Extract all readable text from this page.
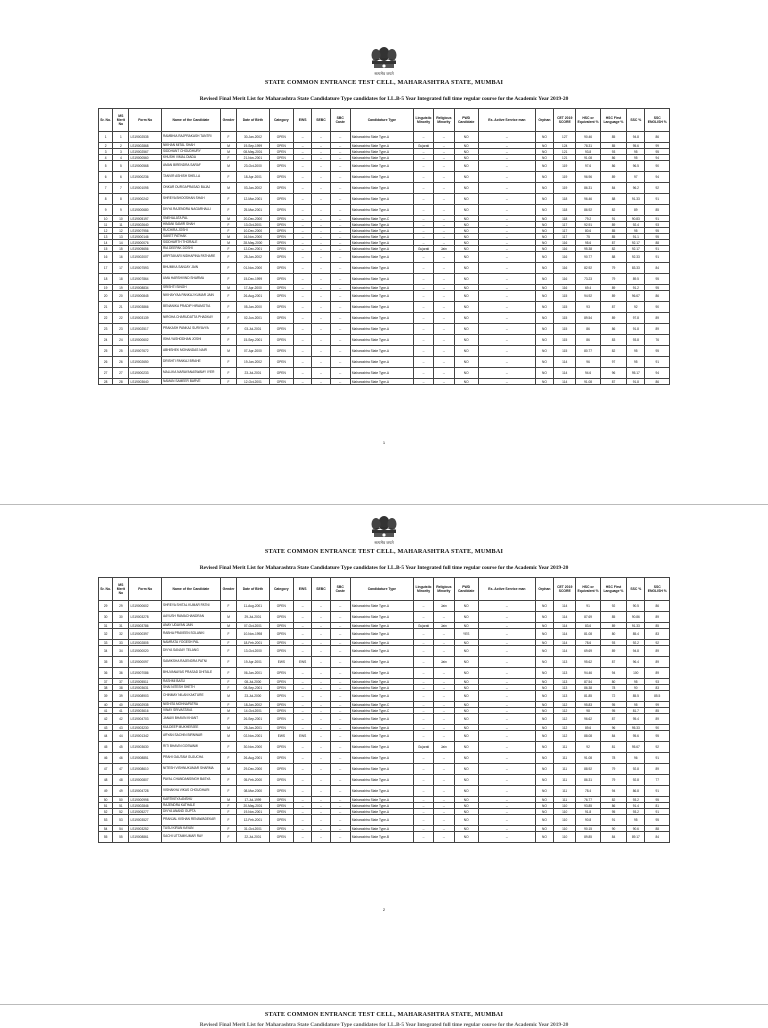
सत्यमेव जयते
STATE COMMON ENTRANCE TEST CELL, MAHARASHTRA STATE, MUMBAI
Revised Final Merit List for Maharashtra State Candidature Type candidates for LL.B-5 Year Integrated full time regular course for the Academic Year 2019-20
Sr. No.	MS Merit No	Form No	Name of the Candidate	Gender	Date of Birth	Category	EWS	SEBC	SBC Caste	Candidature Type	Linguistic Minority	Religious Minority	PWD Candidate	Ex- Active Service man	Orphan	CET 2019 SCORE	HSC or Equivalent %	HSC First Language %	SSC %	SSC ENGLISH %
1	1	LS19002535	RAMBHIA RAJPRAKASH TANTRI	F	30-Jan-2002	OPEN	--	--	--	Maharashtra State Type-A	--	--	NO	--	NO	127	90.46	85	94.8	86
2	2	LS19002868	NIKHAN MITAL SHAH	M	19-Sep-1999	OPEN	--	--	--	Maharashtra State Type-A	Gujarati	--	NO	--	NO	124	78.31	85	95.6	99
3	3	LS19002567	SIDDHANT CHOUDHURY	M	08-May-2001	OPEN	--	--	--	Maharashtra State Type-A	--	--	NO	--	NO	121	93.8	93	95	95
4	4	LS19000560	KHUSHI VIMAL DIADA	F	21-Nov-2001	OPEN	--	--	--	Maharashtra State Type-A	--	--	NO	--	NO	121	91.08	86	95	94
5	5	LS19000568	AMAN BIRENDRA SARAF	M	23-Oct-2000	OPEN	--	--	--	Maharashtra State Type-A	--	--	NO	--	NO	119	97.6	86	96.5	90
6	6	LS19000236	TANVIR ASHISH SHELLA	F	18-Apr-2001	OPEN	--	--	--	Maharashtra State Type-A	--	--	NO	--	NO	119	96.96	89	97	94
7	7	LS19001095	ONKAR DURGAPRASAD BAJAJ	M	03-Jan-2002	OPEN	--	--	--	Maharashtra State Type-A	--	--	NO	--	NO	119	86.31	84	96.2	92
8	8	LS19000242	SHREYA BHOOSHAN SHAH	F	12-Mar-2001	OPEN	--	--	--	Maharashtra State Type-A	--	--	NO	--	NO	118	96.46	88	91.33	91
9	9	LS19000680	DIVYA RAJENDRA NAGARHALLI	F	25-Mar-2001	OPEN	--	--	--	Maharashtra State Type-A	--	--	NO	--	NO	118	86.92	82	89	85
10	10	LS19005197	SNEHALATA PAL	M	20-Dec-2000	OPEN	--	--	--	Maharashtra State Type-C	--	--	NO	--	NO	118	79.2	91	90.83	91
11	11	LS19002640	HIMANI SAMIR SHAH	F	13-Oct-2001	OPEN	--	--	--	Maharashtra State Type-A	--	--	NO	--	NO	117	92.91	89	92.4	93
12	12	LS19007956	RUCHIRA JOSHI	F	10-Dec-2000	OPEN	--	--	--	Maharashtra State Type-A	--	--	NO	--	NO	117	80.6	85	95	95
13	13	LS19000146	SAKET PATHAK	M	16-Nov-2000	OPEN	--	--	--	Maharashtra State Type-A	--	--	NO	--	NO	117	75	85	91.1	95
14	14	LS19000076	SIDDHARTH THORALE	M	28-May-2000	OPEN	--	--	--	Maharashtra State Type-A	--	--	NO	--	NO	116	95.6	87	92.17	88
15	15	LS19005656	RIA DEEPAK DOSHI	F	12-Dec-2001	OPEN	--	--	--	Maharashtra State Type-A	Gujarati	Jain	NO	--	NO	116	95.38	82	92.17	91
16	16	LS19002007	ARPITAKARI NIDHAPINA PATHARE	F	25-Jan-2002	OPEN	--	--	--	Maharashtra State Type-A	--	--	NO	--	NO	116	90.77	88	92.33	91
17	17	LS19007593	BHUMIKA SANJAY JAIN	F	01-Nov-2000	OPEN	--	--	--	Maharashtra State Type-A	--	--	NO	--	NO	116	82.92	79	83.33	84
18	18	LS19007864	UMA HARSHVIND SHARMA	F	15-Dec-1999	OPEN	--	--	--	Maharashtra State Type-A	--	--	NO	--	NO	116	73.23	79	89.5	95
19	19	LS19008834	SRISHTI SINGH	M	17-Apr-2000	OPEN	--	--	--	Maharashtra State Type-A	--	--	NO	--	NO	116	69.4	89	91.2	95
20	20	LS19000845	NIKHAYYAA PANKAJ KUMAR JAIN	F	26-Aug-2001	OPEN	--	--	--	Maharashtra State Type-A	--	--	NO	--	NO	115	94.92	89	96.67	86
21	21	LS19003866	BENANIKA PRADIP HIRAMOTIA	F	05-Jan-2000	OPEN	--	--	--	Maharashtra State Type-A	--	--	NO	--	NO	115	93	87	92	90
22	22	LS19003139	NIRGHA CHARUDATTA PHADKAY	F	02-Jun-2001	OPEN	--	--	--	Maharashtra State Type-A	--	--	NO	--	NO	115	89.54	89	97.8	89
23	23	LS19002517	PRAKASH PANKAJ SURYAVYA	F	03-Jul-2001	OPEN	--	--	--	Maharashtra State Type-A	--	--	NO	--	NO	115	86	86	91.8	89
24	24	LS19000602	ISHA YASHODHAN JOSHI	F	15-Sep-2001	OPEN	--	--	--	Maharashtra State Type-A	--	--	NO	--	NO	115	86	83	93.8	76
25	25	LS19007672	ABHISHEK MOHANDAS NAIR	M	07-Apr-2000	OPEN	--	--	--	Maharashtra State Type-A	--	--	NO	--	NO	115	80.77	82	95	95
26	26	LS19002650	DRISHTI PANKAJ BRAHE	F	19-Jan-2002	OPEN	--	--	--	Maharashtra State Type-A	--	--	NO	--	NO	114	96	97	95	91
27	27	LS19000233	MALLIKA NARAYANASWAMY IYER	F	23-Jul-2001	OPEN	--	--	--	Maharashtra State Type-A	--	--	NO	--	NO	114	94.6	96	95.17	94
28	28	LS19003640	NAMAN SAMEER BARVE	F	12-Oct-2001	OPEN	--	--	--	Maharashtra State Type-A	--	--	NO	--	NO	114	91.08	87	91.8	86
1
सत्यमेव जयते
STATE COMMON ENTRANCE TEST CELL, MAHARASHTRA STATE, MUMBAI
Revised Final Merit List for Maharashtra State Candidature Type candidates for LL.B-5 Year Integrated full time regular course for the Academic Year 2019-20
Sr. No.	MS Merit No	Form No	Name of the Candidate	Gender	Date of Birth	Category	EWS	SEBC	SBC Caste	Candidature Type	Linguistic Minority	Religious Minority	PWD Candidate	Ex- Active Service man	Orphan	CET 2019 SCORE	HSC or Equivalent %	HSC First Language %	SSC %	SSC ENGLISH %
29	29	LS19000602	SHREYA SHITAL KUMAR PATNI	F	11-Aug-2001	OPEN	--	--	--	Maharashtra State Type-A	--	Jain	NO	--	NO	114	91	92	90.5	86
30	30	LS19003278	AAYUSH RAMACHANDRAN	M	29-Jul-2001	OPEN	--	--	--	Maharashtra State Type-A	--	--	NO	--	NO	114	87.69	85	90.86	89
31	31	LS19003786	ANAY UDAYAN JAIN	M	07-Oct-2001	OPEN	--	--	--	Maharashtra State Type-A	Gujarati	Jain	NO	--	NO	114	83.6	89	91.33	85
32	32	LS19000397	RABHA PRAVEEN SOLANKI	F	10-Nov-1998	OPEN	--	--	--	Maharashtra State Type-A	--	--	YES	--	NO	114	81.08	80	85.4	83
33	33	LS19002805	NAMRATA YOGESH PAL	F	18-Feb-2001	OPEN	--	--	--	Maharashtra State Type-A	--	--	NO	--	NO	114	78.6	93	92.2	92
34	34	LS19000020	DIVYA SANJAY TELANG	F	13-Oct-2000	OPEN	--	--	--	Maharashtra State Type-A	--	--	NO	--	NO	114	69.69	89	94.8	89
35	35	LS19000097	SAMIKSHA RAJENDRA PATNI	F	19-Apr-2001	EWS	EWS	--	--	Maharashtra State Type-A	--	Jain	NO	--	NO	113	95.62	87	96.4	89
36	36	LS19007086	BHUVANAYAS PRASAD DHITALE	F	06-Jan-2001	OPEN	--	--	--	Maharashtra State Type-A	--	--	NO	--	NO	113	94.46	94	100	89
37	37	LS19005511	RASHMI BASU	F	08-Jul-2000	OPEN	--	--	--	Maharashtra State Type-A	--	--	NO	--	NO	113	87.54	80	95	93
38	38	LS19003631	SHAI NITESH SHETH	F	08-Sep-2001	OPEN	--	--	--	Maharashtra State Type-A	--	--	NO	--	NO	113	86.38	78	90	83
39	39	LS19008903	CHINMAY NILAN KAKTURE	M	23-Jul-2000	OPEN	--	--	--	Maharashtra State Type-A	--	--	NO	--	NO	113	81.85	72	85.5	85.5
40	40	LS19002935	NISHITA MOHNAPATRA	F	18-Jan-2002	OPEN	--	--	--	Maharashtra State Type-C	--	--	NO	--	NO	112	95.83	95	95	99
41	41	LS19003616	VINAY SRIVASTAVA	M	14-Oct-2001	OPEN	--	--	--	Maharashtra State Type-C	--	--	NO	--	NO	112	98	95	81.7	85
42	42	LS19004703	JANAVI BHAVIN KHANT	F	26-Sep-2001	OPEN	--	--	--	Maharashtra State Type-A	--	--	NO	--	NO	112	96.62	87	95.4	89
43	43	LS19003230	KULDEEP MUKHERJEE	M	25-Jan-2001	OPEN	--	--	--	Maharashtra State Type-A	--	--	NO	--	NO	112	89.6	96	95.33	90
44	44	LS19001342	ARYAN SACHIN BIRNWAR	M	02-Nov-2001	EWS	EWS	--	--	Maharashtra State Type-A	--	--	NO	--	NO	112	88.08	84	95.6	95
45	45	LS19003630	RITI BHAVIN GOSWAMI	F	30-Nov-2000	OPEN	--	--	--	Maharashtra State Type-A	Gujarati	Jain	NO	--	NO	111	92	81	95.67	92
46	46	LS19008851	PRAHI GAUTAM GUJUCHA	F	26-Aug-2001	OPEN	--	--	--	Maharashtra State Type-A	--	--	NO	--	NO	111	91.08	78	96	91
47	47	LS19008610	NITESH VISHNUKUMAR SHARMA	M	29-Dec-2000	OPEN	--	--	--	Maharashtra State Type-A	--	--	NO	--	NO	111	88.92	79	92.8	89
48	48	LS19000807	PAYAL CHANDANSINGH BASYA	F	05-Feb-2000	OPEN	--	--	--	Maharashtra State Type-A	--	--	NO	--	NO	111	86.31	79	92.8	77
49	49	LS19004728	VISHAKHA VIKAS CHOUDHARI	F	08-Mar-2000	OPEN	--	--	--	Maharashtra State Type-A	--	--	NO	--	NO	111	78.4	94	86.8	91
50	50	LS19000998	KARTIKEYA ANSHU	M	17-Jul-1999	OPEN	--	--	--	Maharashtra State Type-A	--	--	NO	--	NO	111	76.77	82	93.2	95
51	51	LS19002846	RAJENDRA KATHALE	F	20-May-2001	OPEN	--	--	--	Maharashtra State Type-A	--	--	NO	--	NO	110	93.85	86	91.4	81
52	52	LS19005277	DIVYA ANAND GUPTA	F	19-Nov-2001	OPEN	--	--	--	Maharashtra State Type-A	--	--	NO	--	NO	110	91.8	95	93.2	91
53	53	LS19003527	PRANJAL KISHAN RENAWADEKAR	F	12-Feb-2001	OPEN	--	--	--	Maharashtra State Type-A	--	--	NO	--	NO	110	90.8	91	95	95
54	54	LS19003252	TUSU KIRAN KAYAN	F	31-Oct-2001	OPEN	--	--	--	Maharashtra State Type-A	--	--	NO	--	NO	110	90.15	90	90.6	88
55	55	LS19008861	SACHI UTTAMKUMAR RAY	F	22-Jul-2001	OPEN	--	--	--	Maharashtra State Type-B	--	--	NO	--	NO	110	89.85	84	89.17	84
2
STATE COMMON ENTRANCE TEST CELL, MAHARASHTRA STATE, MUMBAI
Revised Final Merit List for Maharashtra State Candidature Type candidates for LL.B-5 Year Integrated full time regular course for the Academic Year 2019-20
